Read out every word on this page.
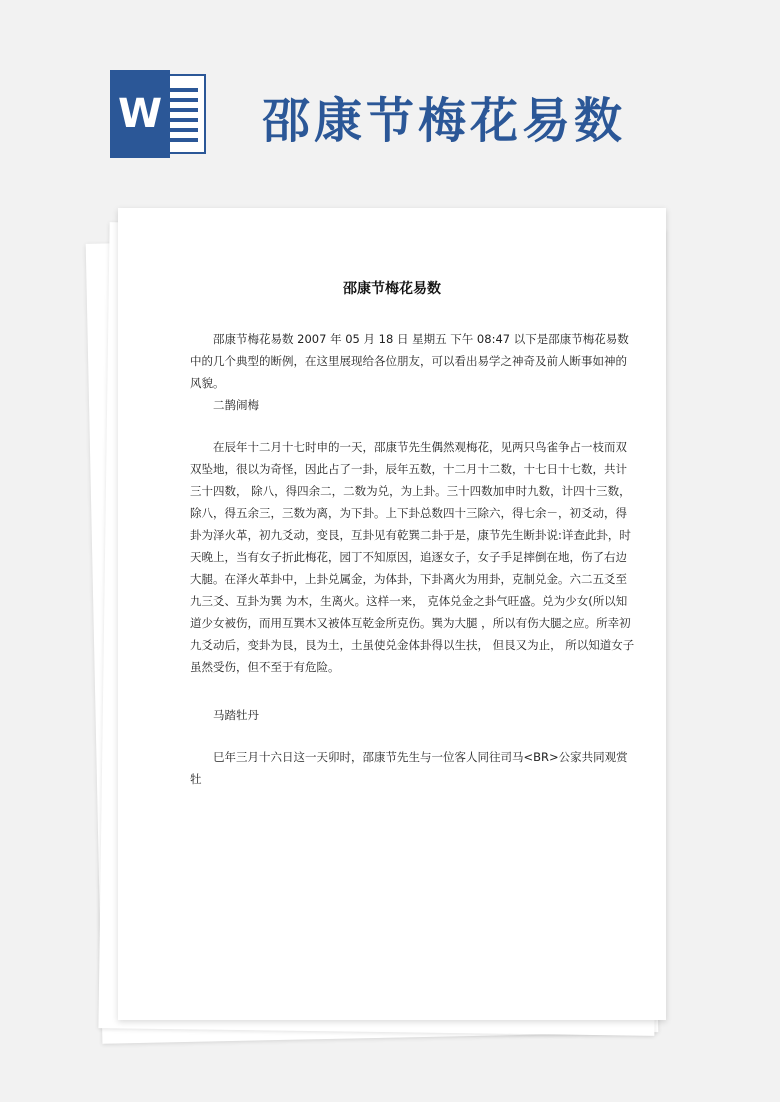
W 邵康节梅花易数
邵康节梅花易数

邵康节梅花易数 2007 年 05 月 18 日 星期五 下午 08:47 以下是邵康节梅花易数中的几个典型的断例，在这里展现给各位朋友，可以看出易学之神奇及前人断事如神的风貌。

二鹊闹梅

在辰年十二月十七时申的一天，邵康节先生偶然观梅花，见两只鸟雀争占一枝而双双坠地，很以为奇怪，因此占了一卦，辰年五数，十二月十二数，十七日十七数，共计三十四数， 除八，得四余二，二数为兑，为上卦。三十四数加申时九数，计四十三数，除八，得五余三，三数为离，为下卦。上下卦总数四十三除六，得七余－，初爻动，得卦为泽火革，初九爻动，变艮，互卦见有乾巽二卦于是，康节先生断卦说:详查此卦，时天晚上，当有女子折此梅花，园丁不知原因，追逐女子，女子手足摔倒在地，伤了右边大腿。在泽火革卦中，上卦兑属金，为体卦，下卦离火为用卦，克制兑金。六二五爻至九三爻、互卦为巽 为木，生离火。这样一来， 克体兑金之卦气旺盛。兑为少女(所以知道少女被伤，而用互巽木又被体互乾金所克伤。巽为大腿 ，所以有伤大腿之应。所幸初九爻动后，变卦为艮，艮为土，土虽使兑金体卦得以生扶， 但艮又为止， 所以知道女子虽然受伤，但不至于有危险。

马踏牡丹

巳年三月十六日这一天卯时，邵康节先生与一位客人同往司马<BR>公家共同观赏牡
